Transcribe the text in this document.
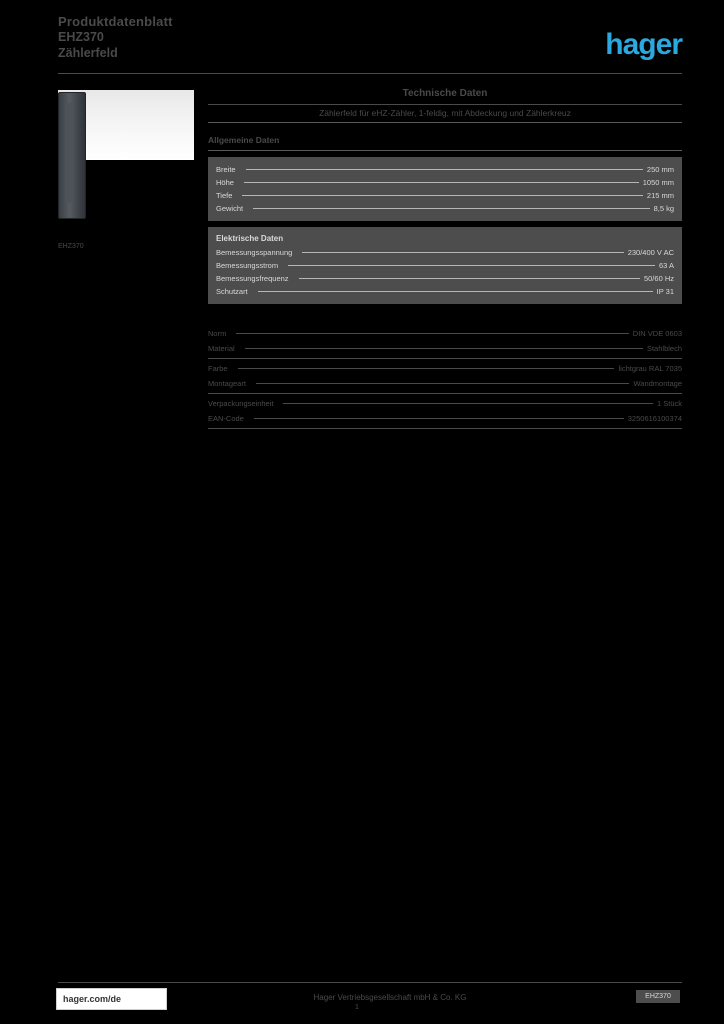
Produktdatenblatt
EHZ370
Zählerfeld	hager
EHZ370
Technische Daten
Zählerfeld für eHZ-Zähler, 1-feldig, mit Abdeckung und Zählerkreuz
Allgemeine Daten
Breite	250 mm
Höhe	1050 mm
Tiefe	215 mm
Gewicht	8,5 kg
Elektrische Daten
Bemessungsspannung	230/400 V AC
Bemessungsstrom	63 A
Bemessungsfrequenz	50/60 Hz
Schutzart	IP 31
Norm	DIN VDE 0603
Material	Stahlblech
Farbe	lichtgrau RAL 7035
Montageart	Wandmontage
Verpackungseinheit	1 Stück
EAN-Code	3250616100374
hager.com/de	Hager Vertriebsgesellschaft mbH & Co. KG
1
EHZ370
